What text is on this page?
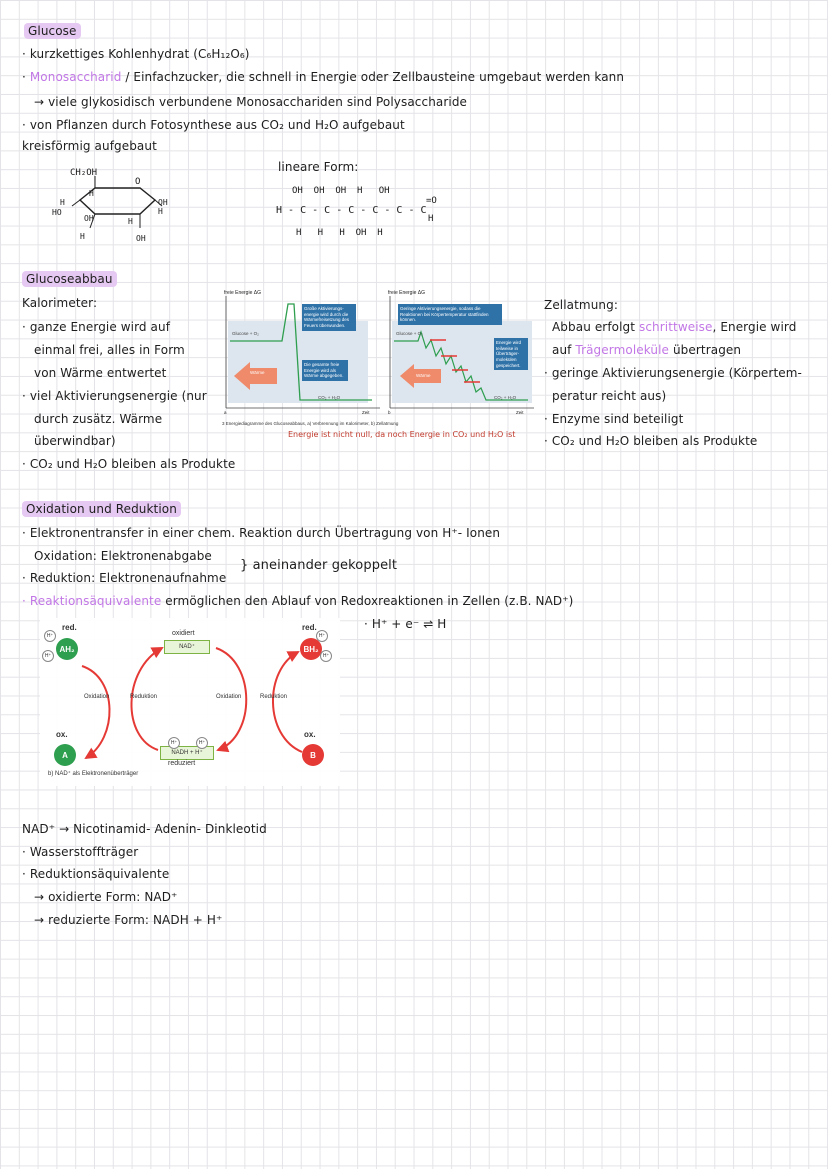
Glucose
· kurzkettiges Kohlenhydrat (C₆H₁₂O₆)
· Monosaccharid / Einfachzucker, die schnell in Energie oder Zellbausteine umgebaut werden kann
→ viele glykosidisch verbundene Monosacchariden sind Polysaccharide
· von Pflanzen durch Fotosynthese aus CO₂ und H₂O aufgebaut
kreisförmig aufgebaut
CH₂OH
O
H
H
HO
OH
OH
H
H
H	OH
lineare Form:
OH  OH  OH  H   OH
H - C - C - C - C - C - C
=O
H
H   H   H  OH  H
Glucoseabbau
Kalorimeter:
· ganze Energie wird auf
einmal frei, alles in Form
von Wärme entwertet
· viel Aktivierungsenergie (nur
durch zusätz. Wärme
überwindbar)
· CO₂ und H₂O bleiben als Produkte
freie Energie ΔG
Große Aktivierungs-energie wird durch die Wärmefreisetzung des Feuers überwunden.
Die gesamte freie Energie wird als Wärme abgegeben.
Glucose + O₂
Wärme
CO₂ + H₂O
a	Zeit
freie Energie ΔG
Geringe Aktivierungsenergie, sodass die Reaktionen bei Körpertemperatur stattfinden können.
Energie wird teilweise in Überträger-molekülen gespeichert.
Glucose + O₂
Wärme
CO₂ + H₂O
b	Zeit
3 Energiediagramme des Glucoseabbaus, a) Verbrennung im Kalorimeter, b) Zellatmung
Energie ist nicht null, da noch Energie in CO₂ und H₂O ist
Zellatmung:
Abbau erfolgt schrittweise, Energie wird
auf Trägermoleküle übertragen
· geringe Aktivierungsenergie (Körpertem-
peratur reicht aus)
· Enzyme sind beteiligt
· CO₂ und H₂O bleiben als Produkte
Oxidation und Reduktion
· Elektronentransfer in einer chem. Reaktion durch Übertragung von H⁺- Ionen
Oxidation: Elektronenabgabe
· Reduktion: Elektronenaufnahme
} aneinander gekoppelt
· Reaktionsäquivalente ermöglichen den Ablauf von Redoxreaktionen in Zellen (z.B. NAD⁺)
· H⁺ + e⁻ ⇌ H
red.
AH₂
H⁺
H⁺
ox.
A
oxidiert
NAD⁺
NADH + H⁺
H⁺	H⁺
reduziert
red.
BH₂
H⁺
H⁺
ox.
B
Oxidation	Reduktion	Oxidation	Reduktion
b) NAD⁺ als Elektronenüberträger
NAD⁺ → Nicotinamid- Adenin- Dinkleotid
· Wasserstoffträger
· Reduktionsäquivalente
→ oxidierte Form: NAD⁺
→ reduzierte Form: NADH + H⁺
